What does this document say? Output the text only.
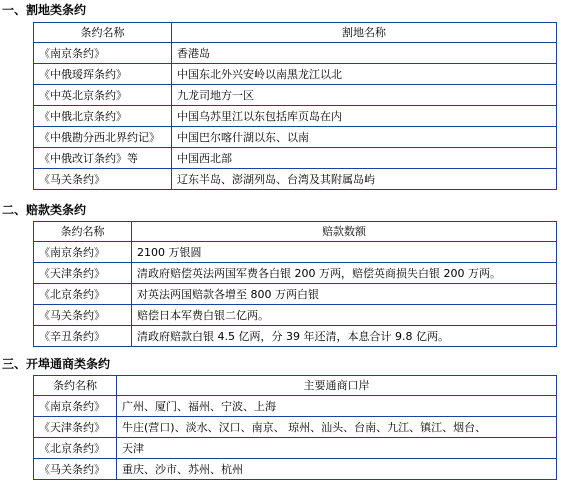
一、割地类条约
条约名称	割地名称
《南京条约》	香港岛
《中俄瑷珲条约》	中国东北外兴安岭以南黑龙江以北
《中英北京条约》	九龙司地方一区
《中俄北京条约》	中国乌苏里江以东包括库页岛在内
《中俄勘分西北界约记》	中国巴尔喀什湖以东、以南
《中俄改订条约》等	中国西北部
《马关条约》	辽东半岛、澎湖列岛、台湾及其附属岛屿
二、赔款类条约
条约名称	赔款数额
《南京条约》	2100 万银圆
《天津条约》	清政府赔偿英法两国军费各白银 200 万两，赔偿英商损失白银 200 万两。
《北京条约》	对英法两国赔款各增至 800 万两白银
《马关条约》	赔偿日本军费白银二亿两。
《辛丑条约》	清政府赔款白银 4.5 亿两，分 39 年还清，本息合计 9.8 亿两。
三、开埠通商类条约
条约名称	主要通商口岸
《南京条约》	广州、厦门、福州、宁波、上海
《天津条约》	牛庄(营口)、淡水、汉口、南京、 琼州、汕头、台南、九江、镇江、烟台、
《北京条约》	天津
《马关条约》	重庆、沙市、苏州、杭州
